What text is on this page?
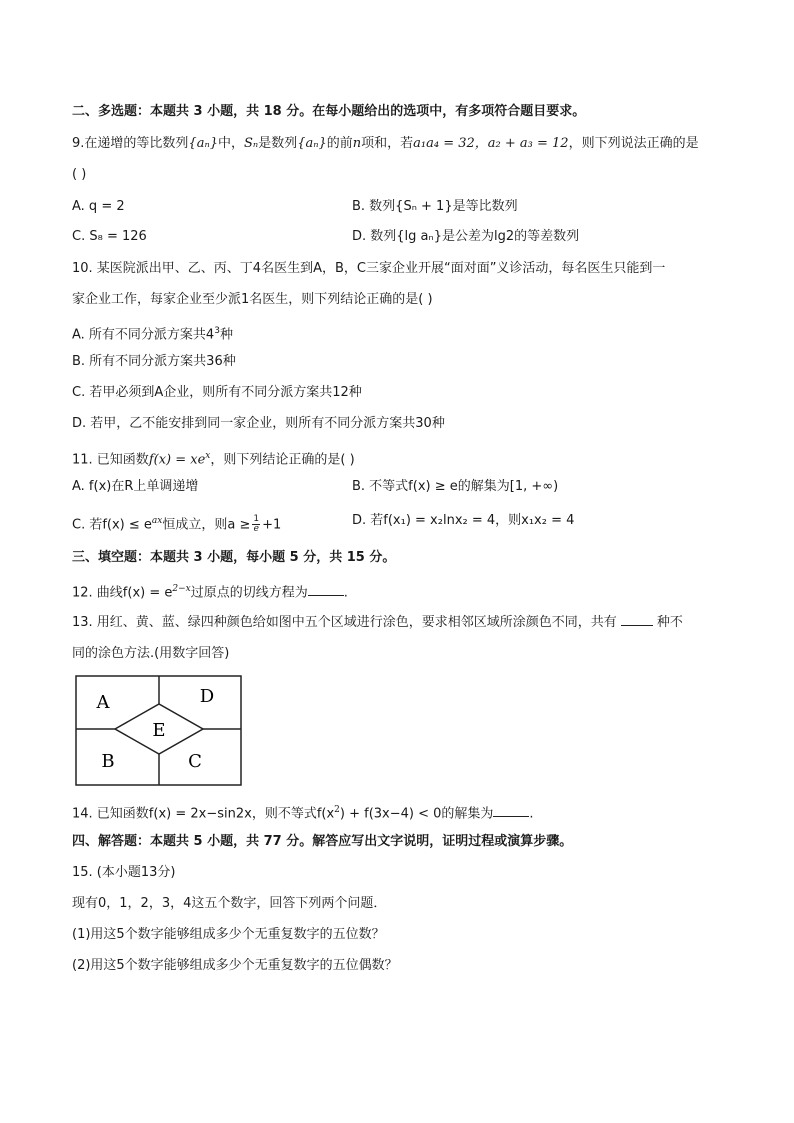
二、多选题：本题共 3 小题，共 18 分。在每小题给出的选项中，有多项符合题目要求。
9.在递增的等比数列{aₙ}中，Sₙ是数列{aₙ}的前n项和，若a₁a₄ = 32，a₂ + a₃ = 12，则下列说法正确的是
( )
A. q = 2	B. 数列{Sₙ + 1}是等比数列
C. S₈ = 126	D. 数列{lg aₙ}是公差为lg2的等差数列
10. 某医院派出甲、乙、丙、丁4名医生到A，B，C三家企业开展“面对面”义诊活动，每名医生只能到一
家企业工作，每家企业至少派1名医生，则下列结论正确的是( )
A. 所有不同分派方案共$4^3$种
B. 所有不同分派方案共36种
C. 若甲必须到A企业，则所有不同分派方案共12种
D. 若甲，乙不能安排到同一家企业，则所有不同分派方案共30种
11. 已知函数$f(x) = xe^x$，则下列结论正确的是( )
A. f(x)在R上单调递增	B. 不等式f(x) ≥ e的解集为[1, +∞)
C. 若$f(x) \le e^{ax}$恒成立，则$a \ge \frac{1}{e} +1$	D. 若f(x₁) = x₂lnx₂ = 4，则x₁x₂ = 4
三、填空题：本题共 3 小题，每小题 5 分，共 15 分。
12. 曲线$f(x) = e^{2-x}$过原点的切线方程为	.
13. 用红、黄、蓝、绿四种颜色给如图中五个区域进行涂色，要求相邻区域所涂颜色不同，共有	种不
同的涂色方法.(用数字回答)
A	D
E
B	C
14. 已知函数f(x) = 2x−sin2x，则不等式$f(x^2) + f(3x-4) < 0$的解集为	.
四、解答题：本题共 5 小题，共 77 分。解答应写出文字说明，证明过程或演算步骤。
15. (本小题13分)
现有0，1，2，3，4这五个数字，回答下列两个问题．
(1)用这5个数字能够组成多少个无重复数字的五位数？
(2)用这5个数字能够组成多少个无重复数字的五位偶数？
